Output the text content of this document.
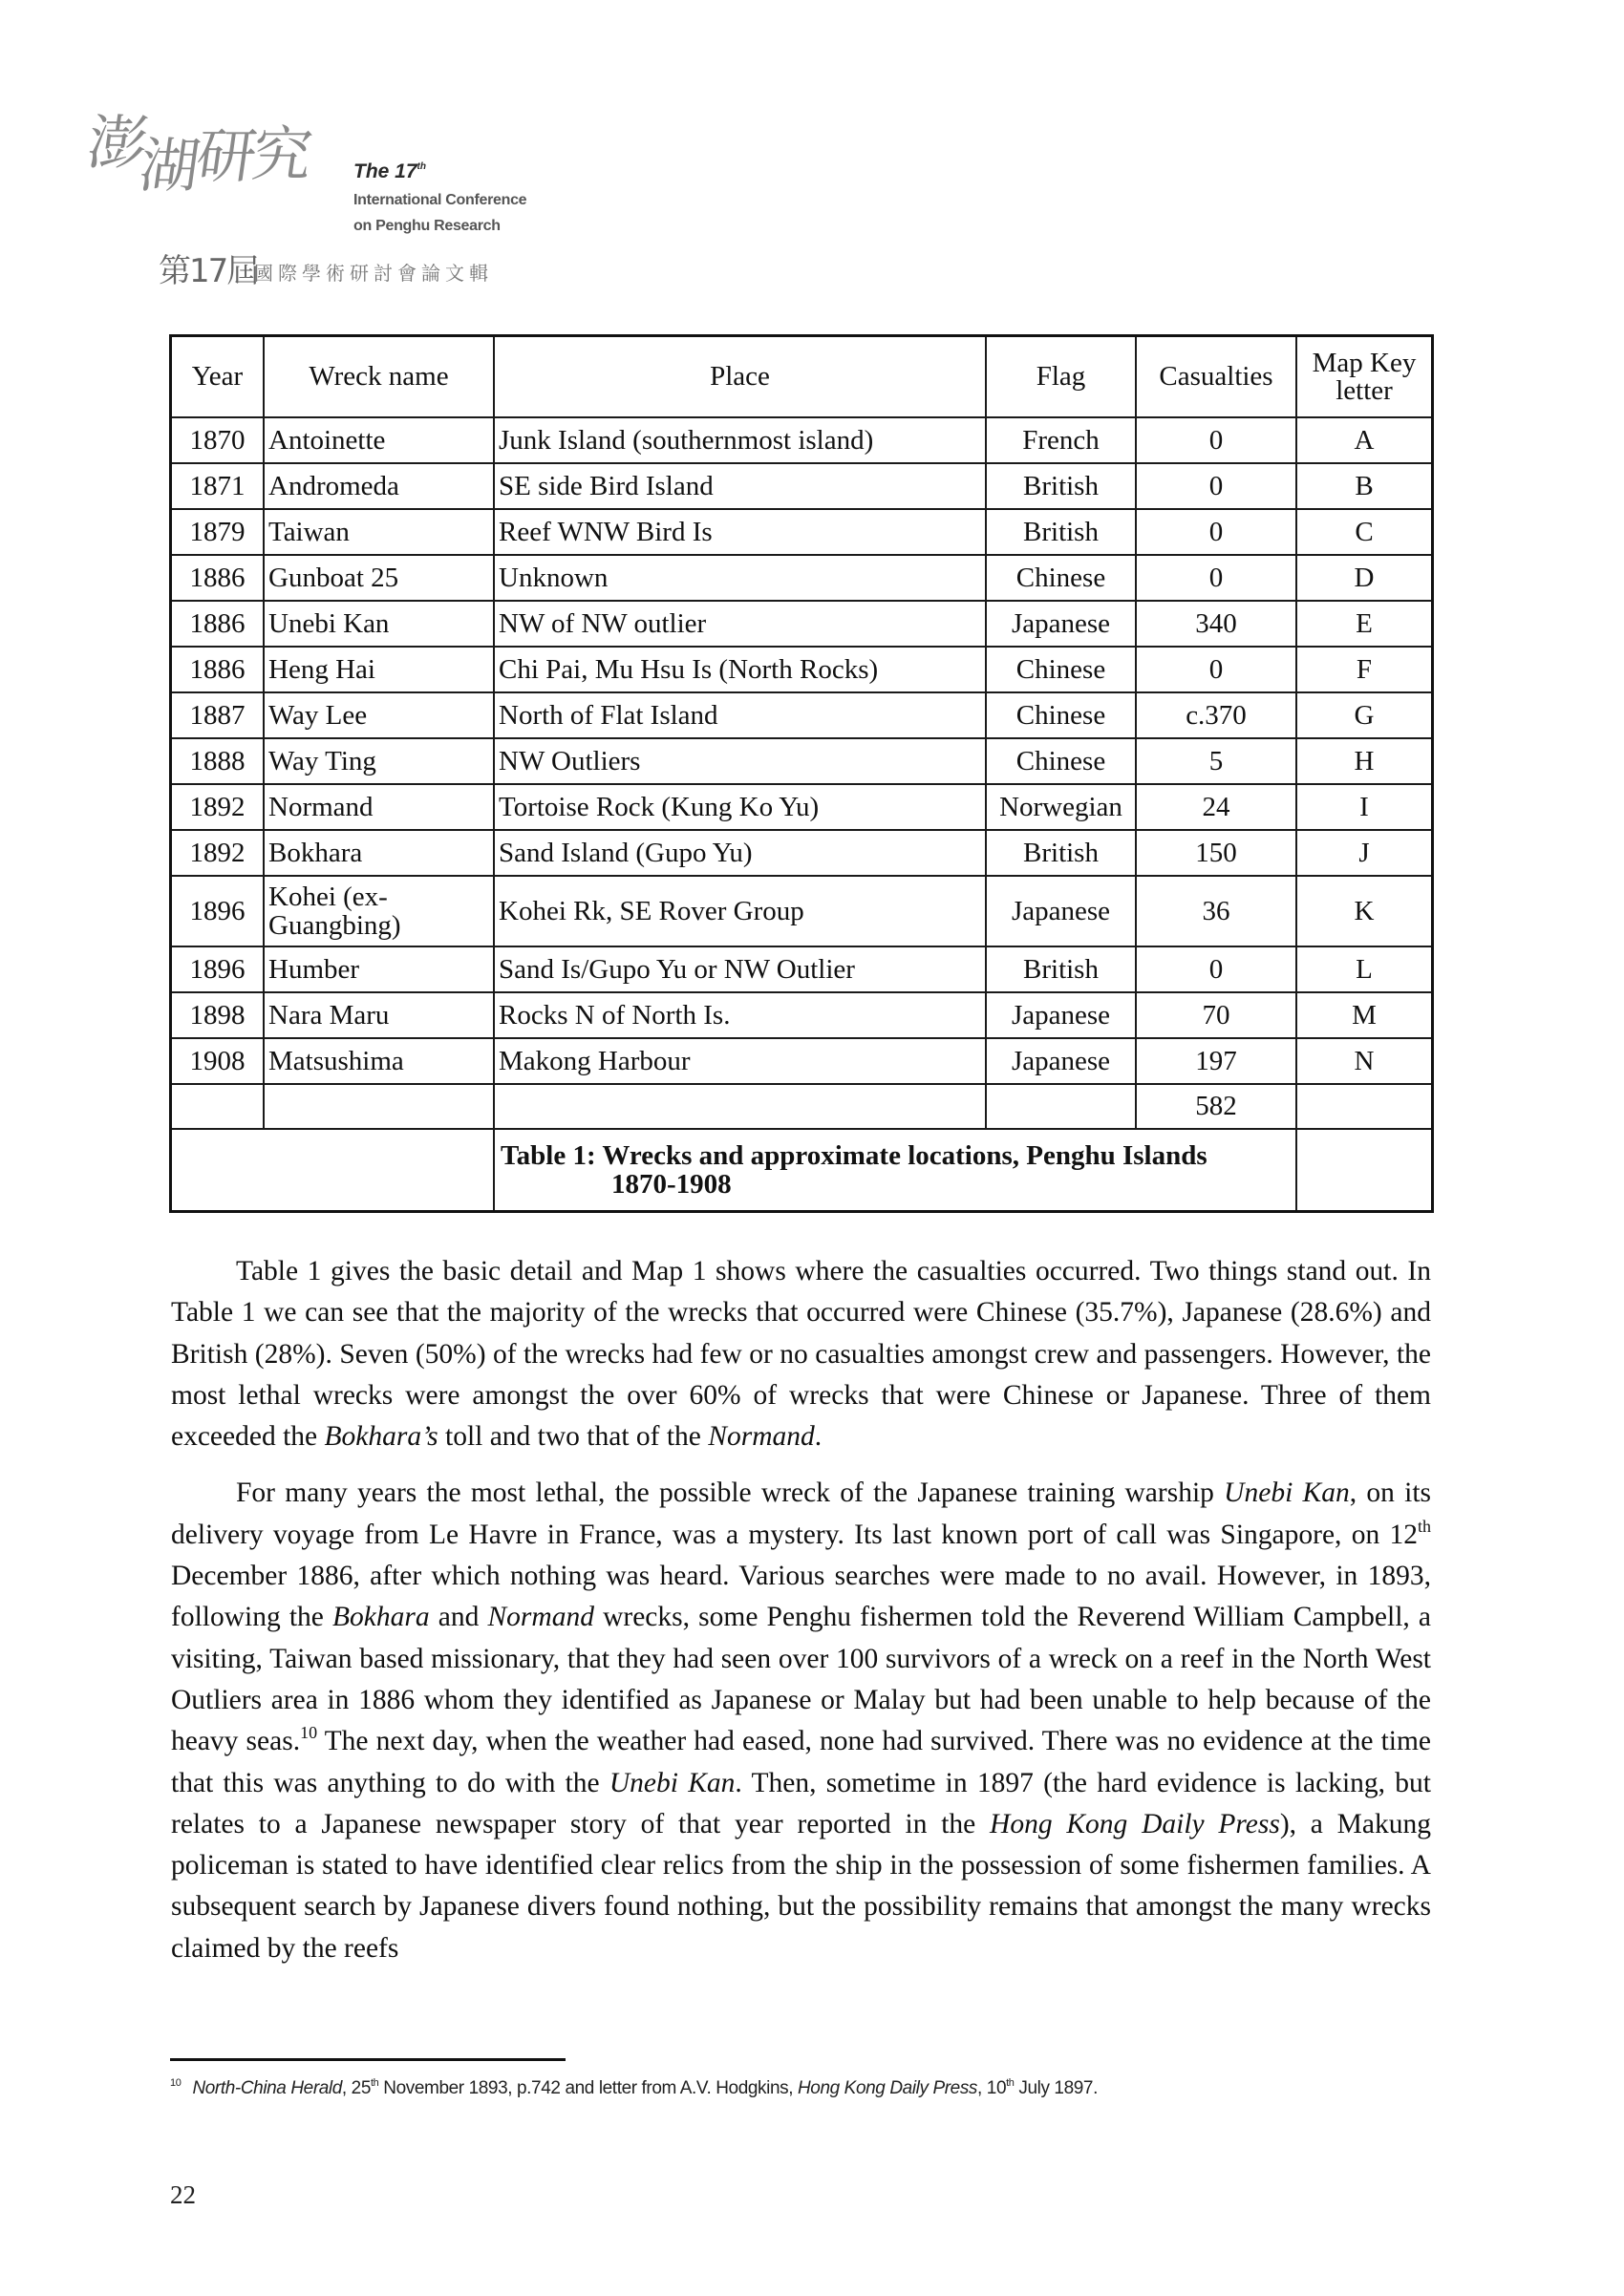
澎湖研究 The 17th
International Conference
on Penghu Research
第17屆
國際學術研討會論文輯
Year	Wreck name	Place	Flag	Casualties	Map Key letter
1870	Antoinette	Junk Island (southernmost island)	French	0	A
1871	Andromeda	SE side Bird Island	British	0	B
1879	Taiwan	Reef WNW Bird Is	British	0	C
1886	Gunboat 25	Unknown	Chinese	0	D
1886	Unebi Kan	NW of NW outlier	Japanese	340	E
1886	Heng Hai	Chi Pai, Mu Hsu Is (North Rocks)	Chinese	0	F
1887	Way Lee	North of Flat Island	Chinese	c.370	G
1888	Way Ting	NW Outliers	Chinese	5	H
1892	Normand	Tortoise Rock (Kung Ko Yu)	Norwegian	24	I
1892	Bokhara	Sand Island (Gupo Yu)	British	150	J
1896	Kohei (ex-Guangbing)	Kohei Rk, SE Rover Group	Japanese	36	K
1896	Humber	Sand Is/Gupo Yu or NW Outlier	British	0	L
1898	Nara Maru	Rocks N of North Is.	Japanese	70	M
1908	Matsushima	Makong Harbour	Japanese	197	N
				582	
		Table 1: Wrecks and approximate locations, Penghu Islands
1870-1908			

Table 1 gives the basic detail and Map 1 shows where the casualties occurred. Two things stand out. In Table 1 we can see that the majority of the wrecks that occurred were Chinese (35.7%), Japanese (28.6%) and British (28%). Seven (50%) of the wrecks had few or no casualties amongst crew and passengers. However, the most lethal wrecks were amongst the over 60% of wrecks that were Chinese or Japanese. Three of them exceeded the Bokhara’s toll and two that of the Normand.

For many years the most lethal, the possible wreck of the Japanese training warship Unebi Kan, on its delivery voyage from Le Havre in France, was a mystery. Its last known port of call was Singapore, on 12th December 1886, after which nothing was heard. Various searches were made to no avail. However, in 1893, following the Bokhara and Normand wrecks, some Penghu fishermen told the Reverend William Campbell, a visiting, Taiwan based missionary, that they had seen over 100 survivors of a wreck on a reef in the North West Outliers area in 1886 whom they identified as Japanese or Malay but had been unable to help because of the heavy seas.$^{10}$ The next day, when the weather had eased, none had survived. There was no evidence at the time that this was anything to do with the Unebi Kan. Then, sometime in 1897 (the hard evidence is lacking, but relates to a Japanese newspaper story of that year reported in the Hong Kong Daily Press), a Makung policeman is stated to have identified clear relics from the ship in the possession of some fishermen families. A subsequent search by Japanese divers found nothing, but the possibility remains that amongst the many wrecks claimed by the reefs

$^{10}$ North-China Herald, 25th November 1893, p.742 and letter from A.V. Hodgkins, Hong Kong Daily Press, 10th July 1897.
22
